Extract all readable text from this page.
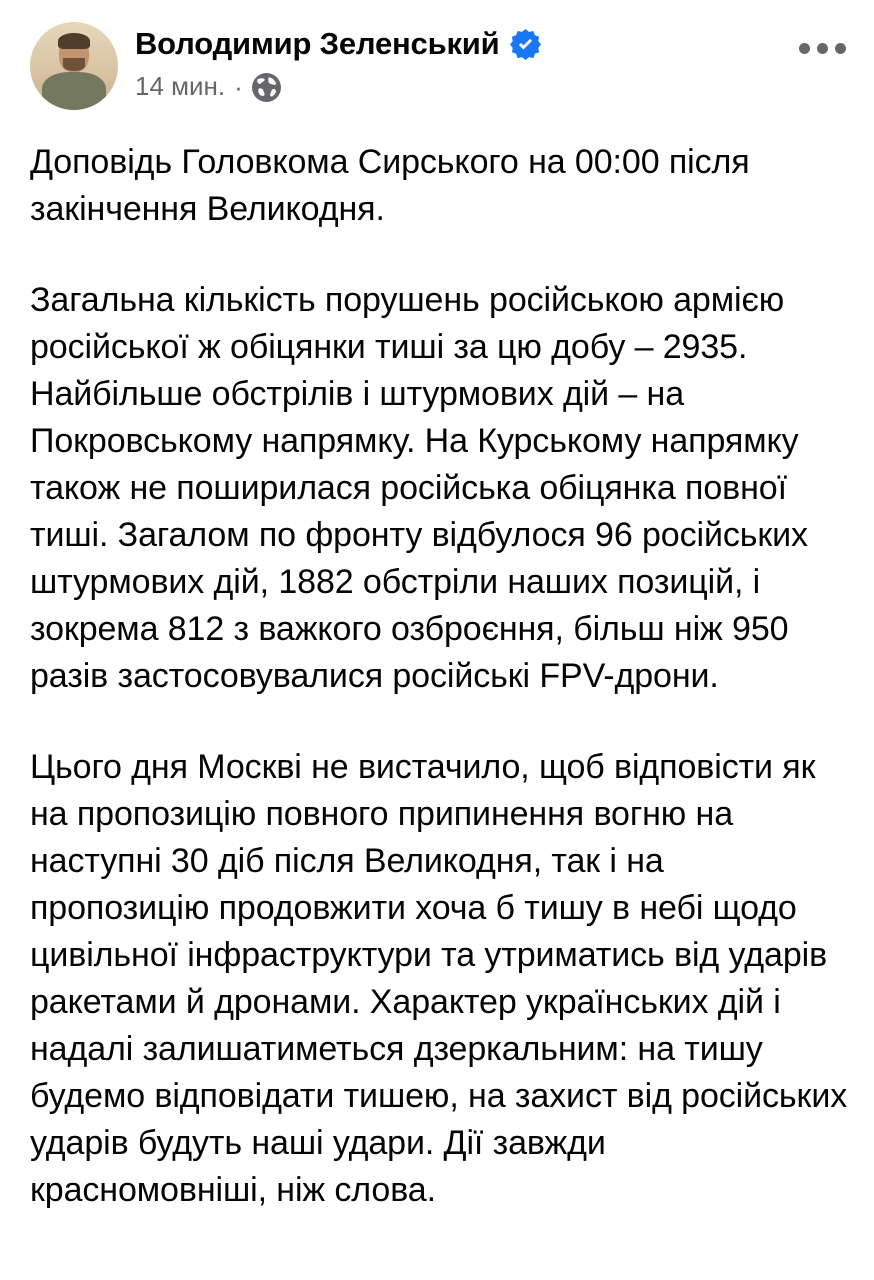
Володимир Зеленський
14 мин. ·

Доповідь Головкома Сирського на 00:00 після закінчення Великодня.

Загальна кількість порушень російською армією російської ж обіцянки тиші за цю добу – 2935. Найбільше обстрілів і штурмових дій – на Покровському напрямку. На Курському напрямку також не поширилася російська обіцянка повної тиші. Загалом по фронту відбулося 96 російських штурмових дій, 1882 обстріли наших позицій, і зокрема 812 з важкого озброєння, більш ніж 950 разів застосовувалися російські FPV-дрони.

Цього дня Москві не вистачило, щоб відповісти як на пропозицію повного припинення вогню на наступні 30 діб після Великодня, так і на пропозицію продовжити хоча б тишу в небі щодо цивільної інфраструктури та утриматись від ударів ракетами й дронами. Характер українських дій і надалі залишатиметься дзеркальним: на тишу будемо відповідати тишею, на захист від російських ударів будуть наші удари. Дії завжди красномовніші, ніж слова.
